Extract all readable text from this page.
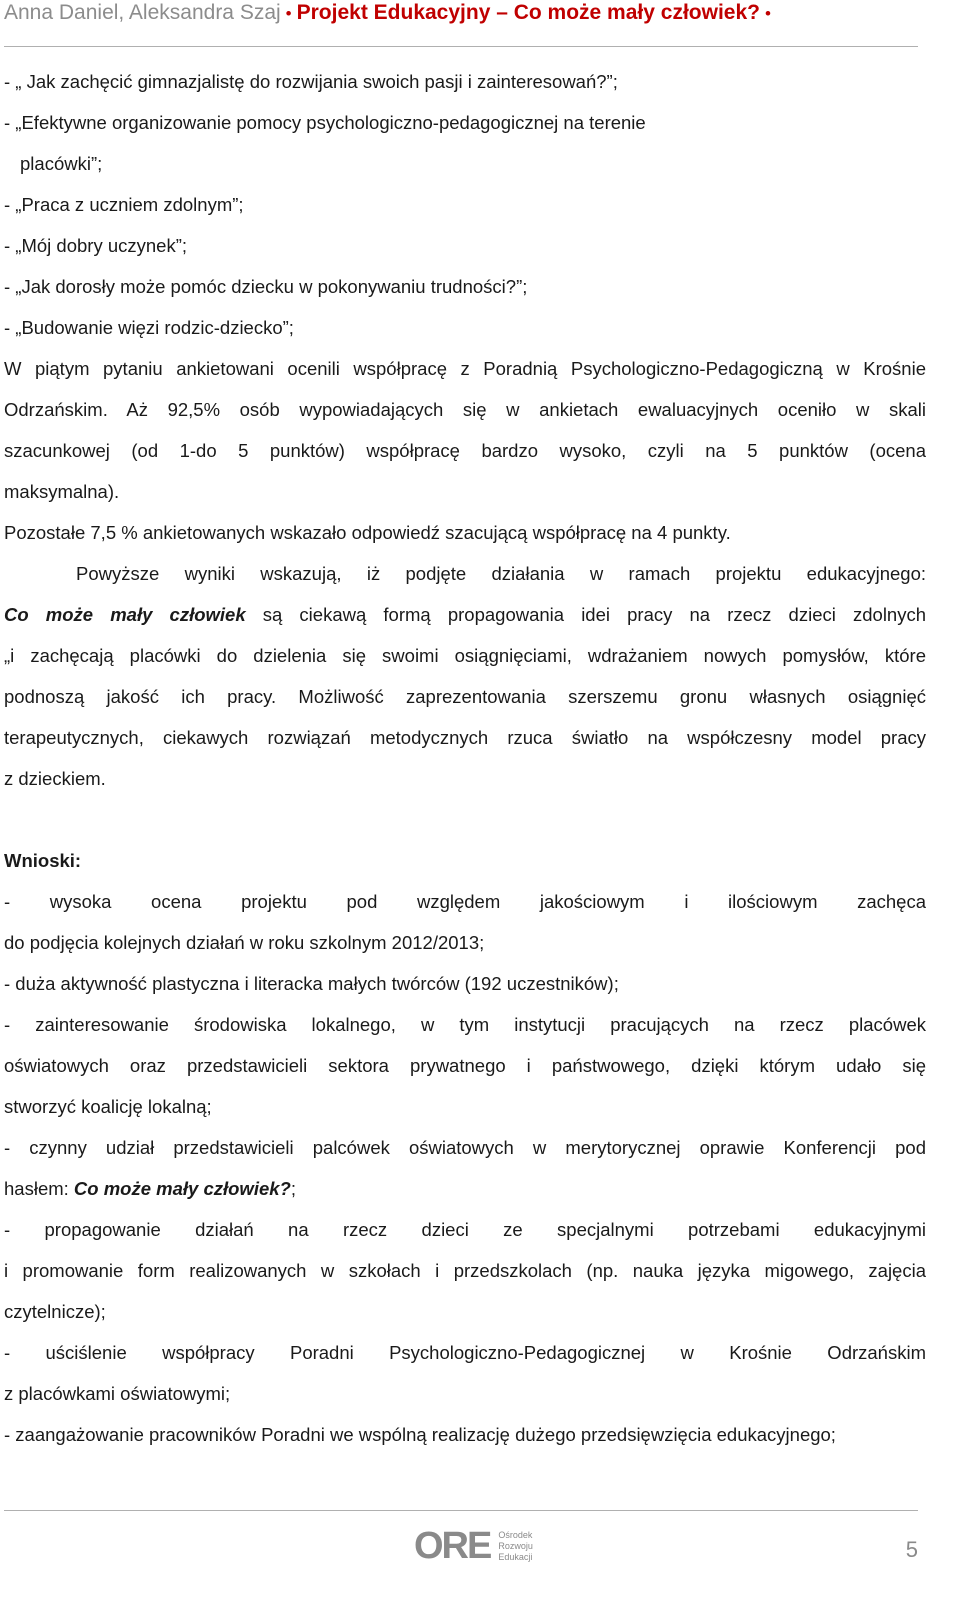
Anna Daniel, Aleksandra Szaj • Projekt Edukacyjny – Co może mały człowiek? •
- „ Jak zachęcić gimnazjalistę do rozwijania swoich pasji i zainteresowań?”;
- „Efektywne organizowanie pomocy psychologiczno-pedagogicznej na terenie
placówki”;
- „Praca z uczniem zdolnym”;
- „Mój dobry uczynek”;
- „Jak dorosły może pomóc dziecku w pokonywaniu trudności?”;
- „Budowanie więzi rodzic-dziecko”;
W piątym pytaniu ankietowani ocenili współpracę z Poradnią Psychologiczno-Pedagogiczną w Krośnie
Odrzańskim. Aż 92,5% osób wypowiadających się w ankietach ewaluacyjnych oceniło w skali
szacunkowej (od 1-do 5 punktów) współpracę bardzo wysoko, czyli na 5 punktów (ocena
maksymalna).
Pozostałe 7,5 % ankietowanych wskazało odpowiedź szacującą współpracę na 4 punkty.
Powyższe wyniki wskazują, iż podjęte działania w ramach projektu edukacyjnego:
Co może mały człowiek są ciekawą formą propagowania idei pracy na rzecz dzieci zdolnych
„i zachęcają placówki do dzielenia się swoimi osiągnięciami, wdrażaniem nowych pomysłów, które
podnoszą jakość ich pracy. Możliwość zaprezentowania szerszemu gronu własnych osiągnięć
terapeutycznych, ciekawych rozwiązań metodycznych rzuca światło na współczesny model pracy
z dzieckiem.
Wnioski:
- wysoka ocena projektu pod względem jakościowym i ilościowym zachęca
do podjęcia kolejnych działań w roku szkolnym 2012/2013;
- duża aktywność plastyczna i literacka małych twórców (192 uczestników);
- zainteresowanie środowiska lokalnego, w tym instytucji pracujących na rzecz placówek
oświatowych oraz przedstawicieli sektora prywatnego i państwowego, dzięki którym udało się
stworzyć koalicję lokalną;
- czynny udział przedstawicieli palcówek oświatowych w merytorycznej oprawie Konferencji pod
hasłem: Co może mały człowiek?;
- propagowanie działań na rzecz dzieci ze specjalnymi potrzebami edukacyjnymi
i promowanie form realizowanych w szkołach i przedszkolach (np. nauka języka migowego, zajęcia
czytelnicze);
- uściślenie współpracy Poradni Psychologiczno-Pedagogicznej w Krośnie Odrzańskim
z placówkami oświatowymi;
- zaangażowanie pracowników Poradni we wspólną realizację dużego przedsięwzięcia edukacyjnego;
ORE Ośrodek
Rozwoju
Edukacji	5
